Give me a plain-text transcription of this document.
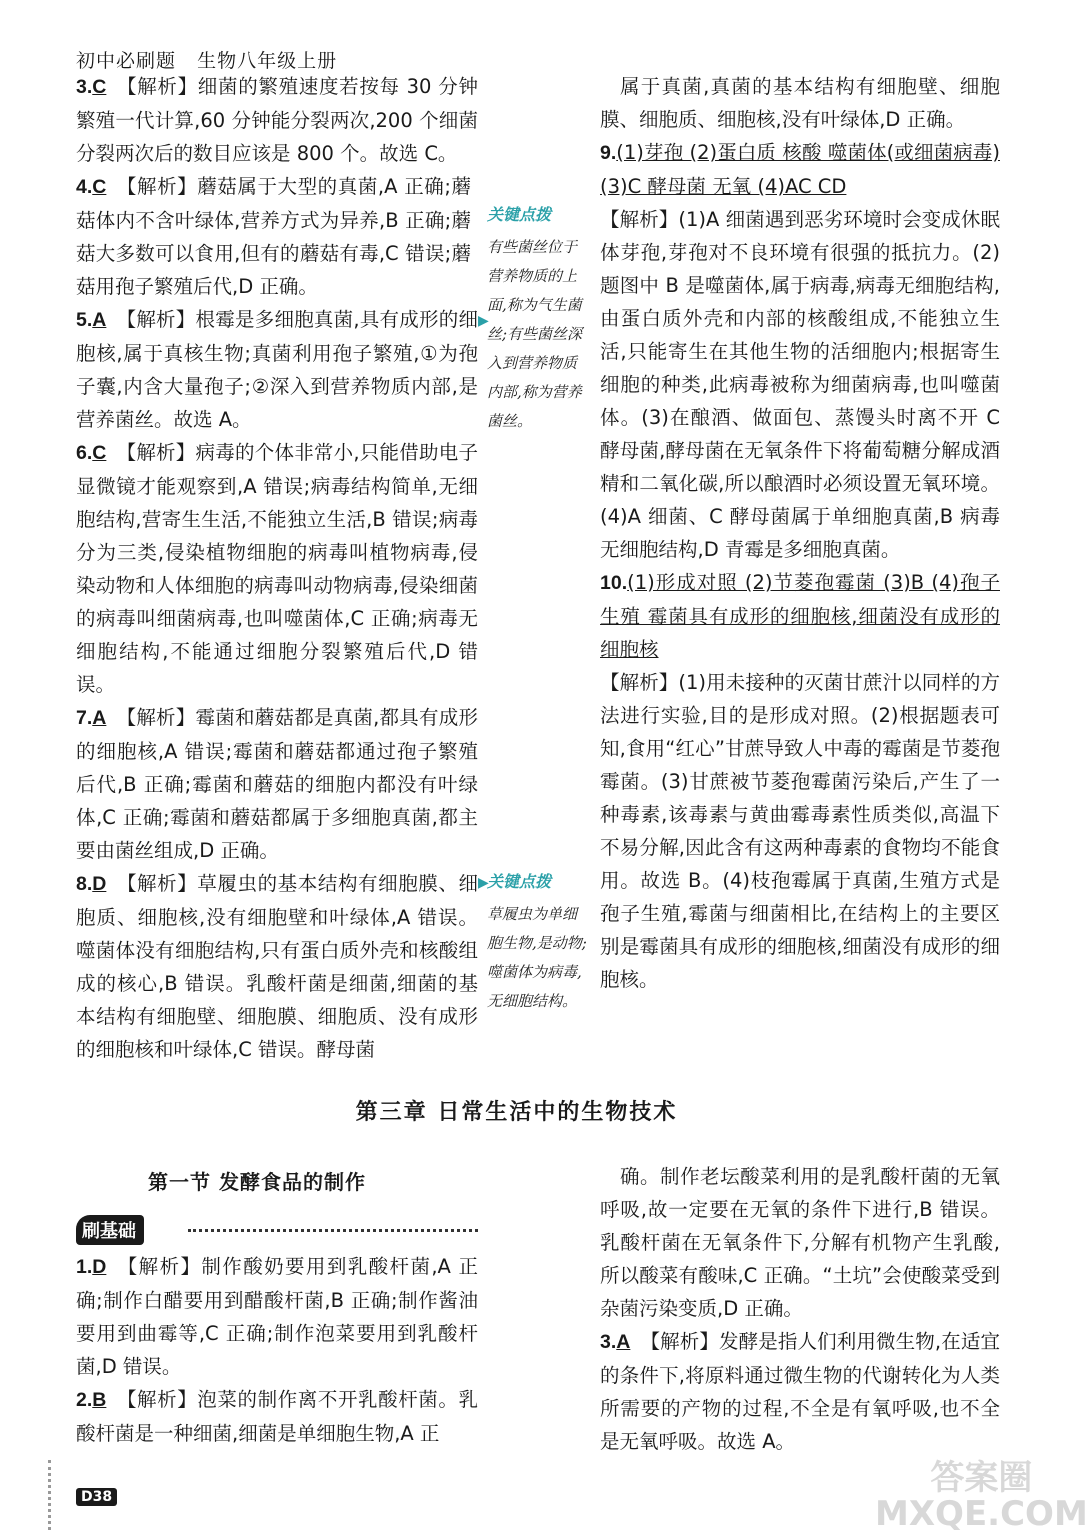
初中必刷题 生物八年级上册

3.C 【解析】细菌的繁殖速度若按每 30 分钟繁殖一代计算,60 分钟能分裂两次,200 个细菌分裂两次后的数目应该是 800 个。故选 C。

4.C 【解析】蘑菇属于大型的真菌,A 正确;蘑菇体内不含叶绿体,营养方式为异养,B 正确;蘑菇大多数可以食用,但有的蘑菇有毒,C 错误;蘑菇用孢子繁殖后代,D 正确。

5.A 【解析】根霉是多细胞真菌,具有成形的细胞核,属于真核生物;真菌利用孢子繁殖,①为孢子囊,内含大量孢子;②深入到营养物质内部,是营养菌丝。故选 A。

6.C 【解析】病毒的个体非常小,只能借助电子显微镜才能观察到,A 错误;病毒结构简单,无细胞结构,营寄生生活,不能独立生活,B 错误;病毒分为三类,侵染植物细胞的病毒叫植物病毒,侵染动物和人体细胞的病毒叫动物病毒,侵染细菌的病毒叫细菌病毒,也叫噬菌体,C 正确;病毒无细胞结构,不能通过细胞分裂繁殖后代,D 错误。

7.A 【解析】霉菌和蘑菇都是真菌,都具有成形的细胞核,A 错误;霉菌和蘑菇都通过孢子繁殖后代,B 正确;霉菌和蘑菇的细胞内都没有叶绿体,C 正确;霉菌和蘑菇都属于多细胞真菌,都主要由菌丝组成,D 正确。

8.D 【解析】草履虫的基本结构有细胞膜、细胞质、细胞核,没有细胞壁和叶绿体,A 错误。噬菌体没有细胞结构,只有蛋白质外壳和核酸组成的核心,B 错误。乳酸杆菌是细菌,细菌的基本结构有细胞壁、细胞膜、细胞质、没有成形的细胞核和叶绿体,C 错误。酵母菌

关键点拨
有些菌丝位于营养物质的上面,称为气生菌丝;有些菌丝深入到营养物质内部,称为营养菌丝。
▶
关键点拨
草履虫为单细胞生物,是动物;噬菌体为病毒,无细胞结构。
▶

属于真菌,真菌的基本结构有细胞壁、细胞膜、细胞质、细胞核,没有叶绿体,D 正确。

9.(1)芽孢 (2)蛋白质 核酸 噬菌体(或细菌病毒) (3)C 酵母菌 无氧 (4)AC CD

【解析】(1)A 细菌遇到恶劣环境时会变成休眠体芽孢,芽孢对不良环境有很强的抵抗力。(2)题图中 B 是噬菌体,属于病毒,病毒无细胞结构,由蛋白质外壳和内部的核酸组成,不能独立生活,只能寄生在其他生物的活细胞内;根据寄生细胞的种类,此病毒被称为细菌病毒,也叫噬菌体。(3)在酿酒、做面包、蒸馒头时离不开 C 酵母菌,酵母菌在无氧条件下将葡萄糖分解成酒精和二氧化碳,所以酿酒时必须设置无氧环境。(4)A 细菌、C 酵母菌属于单细胞真菌,B 病毒无细胞结构,D 青霉是多细胞真菌。

10.(1)形成对照 (2)节菱孢霉菌 (3)B (4)孢子生殖 霉菌具有成形的细胞核,细菌没有成形的细胞核

【解析】(1)用未接种的灭菌甘蔗汁以同样的方法进行实验,目的是形成对照。(2)根据题表可知,食用“红心”甘蔗导致人中毒的霉菌是节菱孢霉菌。(3)甘蔗被节菱孢霉菌污染后,产生了一种毒素,该毒素与黄曲霉毒素性质类似,高温下不易分解,因此含有这两种毒素的食物均不能食用。故选 B。(4)枝孢霉属于真菌,生殖方式是孢子生殖,霉菌与细菌相比,在结构上的主要区别是霉菌具有成形的细胞核,细菌没有成形的细胞核。

第三章 日常生活中的生物技术
第一节 发酵食品的制作
刷基础

1.D 【解析】制作酸奶要用到乳酸杆菌,A 正确;制作白醋要用到醋酸杆菌,B 正确;制作酱油要用到曲霉等,C 正确;制作泡菜要用到乳酸杆菌,D 错误。

2.B 【解析】泡菜的制作离不开乳酸杆菌。乳酸杆菌是一种细菌,细菌是单细胞生物,A 正

确。制作老坛酸菜利用的是乳酸杆菌的无氧呼吸,故一定要在无氧的条件下进行,B 错误。乳酸杆菌在无氧条件下,分解有机物产生乳酸,所以酸菜有酸味,C 正确。“土坑”会使酸菜受到杂菌污染变质,D 正确。

3.A 【解析】发酵是指人们利用微生物,在适宜的条件下,将原料通过微生物的代谢转化为人类所需要的产物的过程,不全是有氧呼吸,也不全是无氧呼吸。故选 A。

D38	答案圈 MXQE.COM
